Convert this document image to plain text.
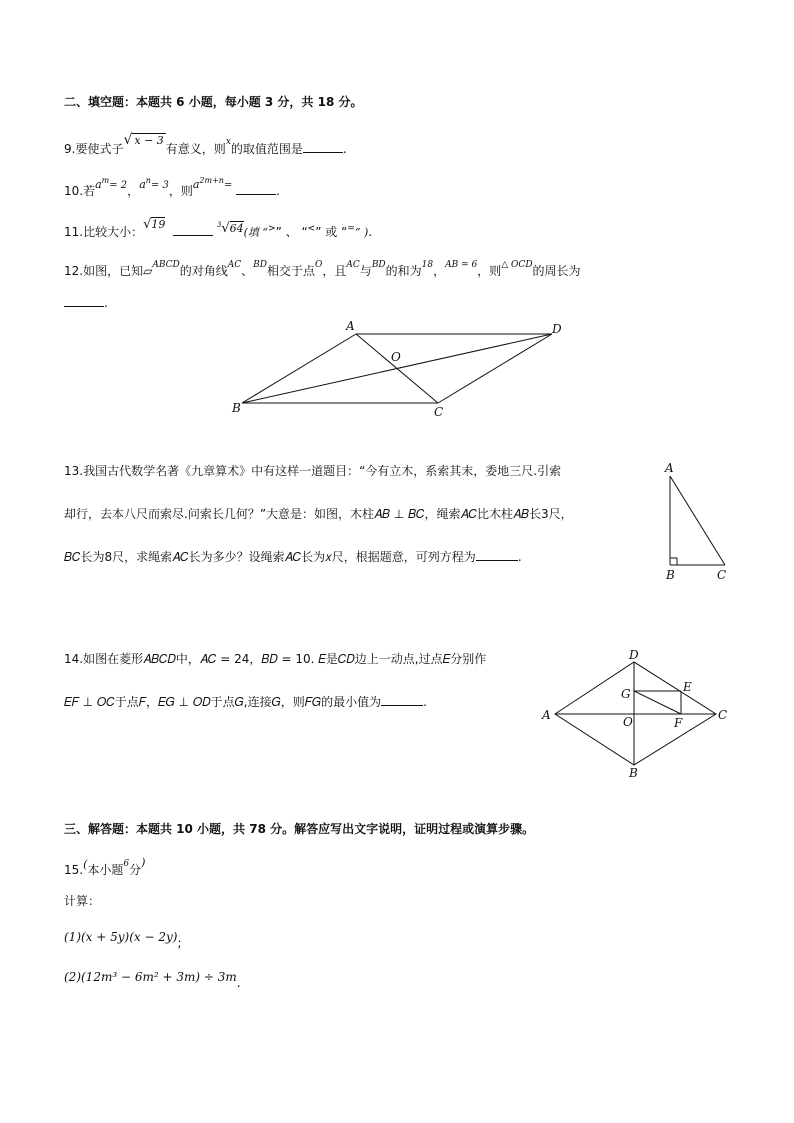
二、填空题：本题共 6 小题，每小题 3 分，共 18 分。
9.要使式子√ x − 3有意义，则$^x$的取值范围是	.
10.若$a^m= 2$，$a^n= 3$，则$a^{2m+n}=$	.
11.比较大小：√19	$^3$√64(填 “>” 、 “<” 或 “=” ).
12.如图，已知▱$^{ABCD}$的对角线$^{AC}$、$^{BD}$相交于点$^O$，且$^{AC}$与$^{BD}$的和为$^{18}$，$^{AB = 6}$，则$^{\triangle OCD}$的周长为
.
A
B	C
D
O
13.我国古代数学名著《九章算术》中有这样一道题目：“今有立木，系索其末，委地三尺.引索
却行，去本八尺而索尽.问索长几何？”大意是：如图，木柱𝐴𝐵 ⊥ 𝐵𝐶，绳索𝐴𝐶比木柱𝐴𝐵长3尺，
𝐵𝐶长为8尺，求绳索𝐴𝐶长为多少？设绳索𝐴𝐶长为𝑥尺，根据题意，可列方程为	.
A
B	C
14.如图在菱形𝐴𝐵𝐶𝐷中，𝐴𝐶 = 24，𝐵𝐷 = 10. 𝐸是𝐶𝐷边上一动点,过点𝐸分别作
𝐸𝐹 ⊥ 𝑂𝐶于点𝐹，𝐸𝐺 ⊥ 𝑂𝐷于点𝐺,连接𝐺，则𝐹𝐺的最小值为	.
D
A	C
B
G	E
F
O
三、解答题：本题共 10 小题，共 78 分。解答应写出文字说明，证明过程或演算步骤。
15.(本小题$^6$分)
计算：
(1)(𝑥 + 5𝑦)(𝑥 − 2𝑦);
(2)(12𝑚³ − 6𝑚² + 3𝑚) ÷ 3𝑚.
